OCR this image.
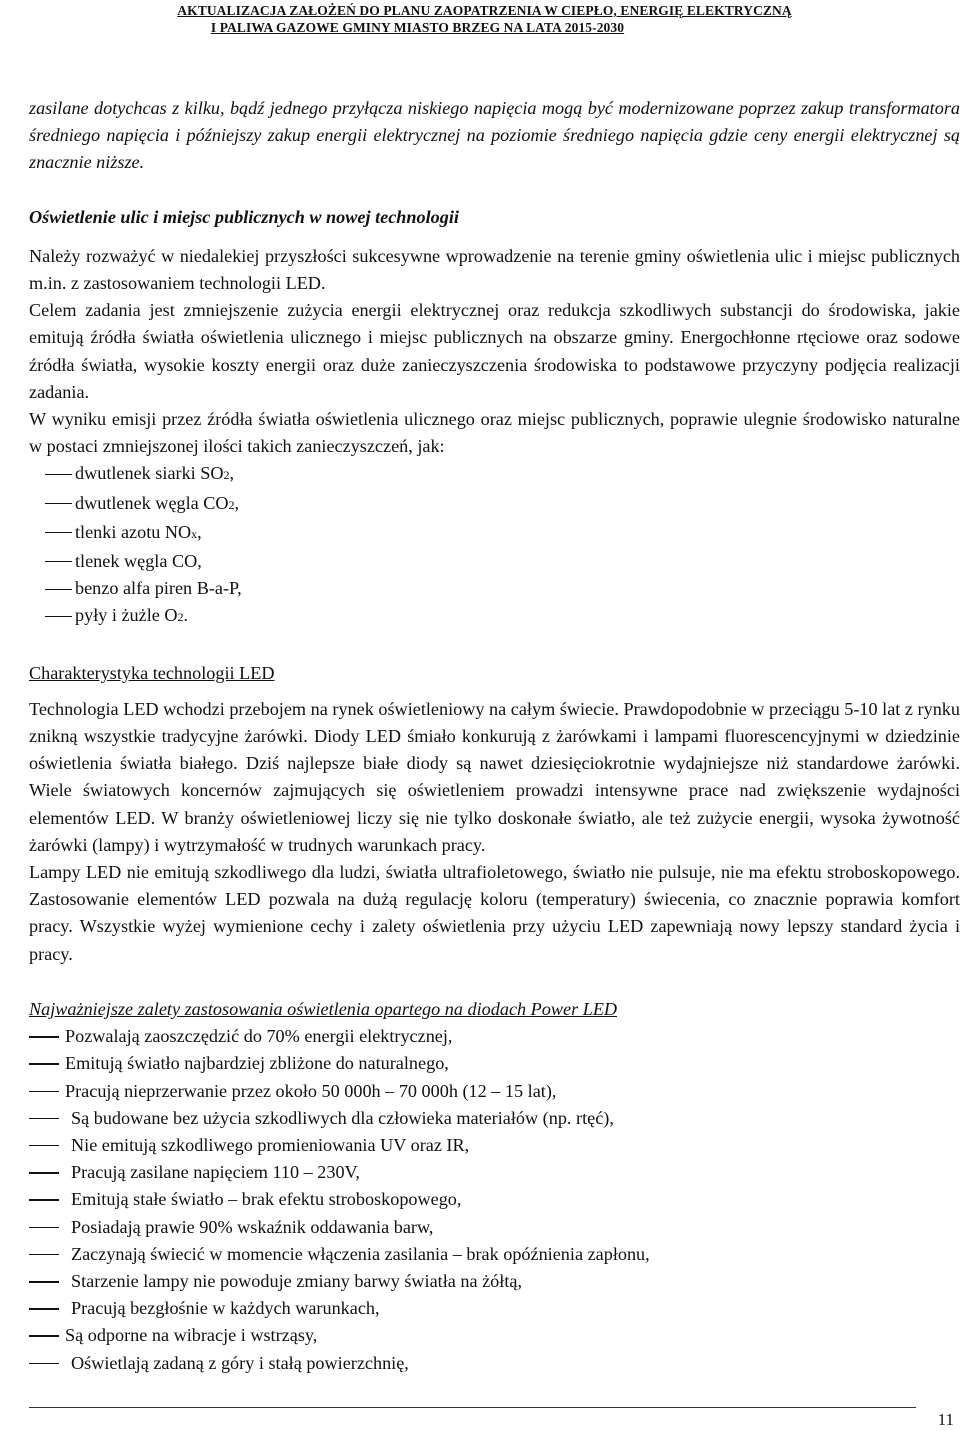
AKTUALIZACJA ZAŁOŻEŃ DO PLANU ZAOPATRZENIA W CIEPŁO, ENERGIĘ ELEKTRYCZNĄ
I PALIWA GAZOWE GMINY MIASTO BRZEG NA LATA 2015-2030

zasilane dotychcas z kilku, bądź jednego przyłącza niskiego napięcia mogą być modernizowane poprzez zakup transformatora średniego napięcia i późniejszy zakup energii elektrycznej na poziomie średniego napięcia gdzie ceny energii elektrycznej są znacznie niższe.

Oświetlenie ulic i miejsc publicznych w nowej technologii

Należy rozważyć w niedalekiej przyszłości sukcesywne wprowadzenie na terenie gminy oświetlenia ulic i miejsc publicznych m.in. z zastosowaniem technologii LED.

Celem zadania jest zmniejszenie zużycia energii elektrycznej oraz redukcja szkodliwych substancji do środowiska, jakie emitują źródła światła oświetlenia ulicznego i miejsc publicznych na obszarze gminy. Energochłonne rtęciowe oraz sodowe źródła światła, wysokie koszty energii oraz duże zanieczyszczenia środowiska to podstawowe przyczyny podjęcia realizacji zadania.

W wyniku emisji przez źródła światła oświetlenia ulicznego oraz miejsc publicznych, poprawie ulegnie środowisko naturalne w postaci zmniejszonej ilości takich zanieczyszczeń, jak:

dwutlenek siarki SO2,
dwutlenek węgla CO2,
tlenki azotu NOx,
tlenek węgla CO,
benzo alfa piren B-a-P,
pyły i żużle O2.

Charakterystyka technologii LED

Technologia LED wchodzi przebojem na rynek oświetleniowy na całym świecie. Prawdopodobnie w przeciągu 5-10 lat z rynku znikną wszystkie tradycyjne żarówki. Diody LED śmiało konkurują z żarówkami i lampami fluorescencyjnymi w dziedzinie oświetlenia światła białego. Dziś najlepsze białe diody są nawet dziesięciokrotnie wydajniejsze niż standardowe żarówki. Wiele światowych koncernów zajmujących się oświetleniem prowadzi intensywne prace nad zwiększenie wydajności elementów LED. W branży oświetleniowej liczy się nie tylko doskonałe światło, ale też zużycie energii, wysoka żywotność żarówki (lampy) i wytrzymałość w trudnych warunkach pracy.

Lampy LED nie emitują szkodliwego dla ludzi, światła ultrafioletowego, światło nie pulsuje, nie ma efektu stroboskopowego. Zastosowanie elementów LED pozwala na dużą regulację koloru (temperatury) świecenia, co znacznie poprawia komfort pracy. Wszystkie wyżej wymienione cechy i zalety oświetlenia przy użyciu LED zapewniają nowy lepszy standard życia i pracy.

Najważniejsze zalety zastosowania oświetlenia opartego na diodach Power LED

Pozwalają zaoszczędzić do 70% energii elektrycznej,
Emitują światło najbardziej zbliżone do naturalnego,
Pracują nieprzerwanie przez około 50 000h – 70 000h (12 – 15 lat),
Są budowane bez użycia szkodliwych dla człowieka materiałów (np. rtęć),
Nie emitują szkodliwego promieniowania UV oraz IR,
Pracują zasilane napięciem 110 – 230V,
Emitują stałe światło – brak efektu stroboskopowego,
Posiadają prawie 90% wskaźnik oddawania barw,
Zaczynają świecić w momencie włączenia zasilania – brak opóźnienia zapłonu,
Starzenie lampy nie powoduje zmiany barwy światła na żółtą,
Pracują bezgłośnie w każdych warunkach,
Są odporne na wibracje i wstrząsy,
Oświetlają zadaną z góry i stałą powierzchnię,
11
